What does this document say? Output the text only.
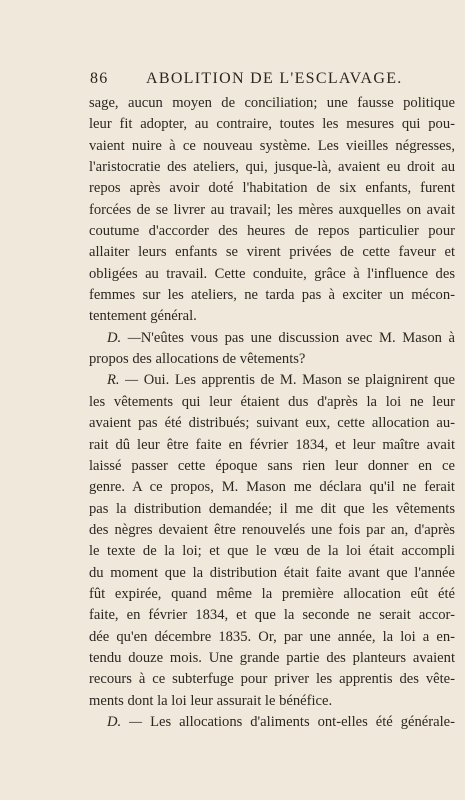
86 ABOLITION DE L'ESCLAVAGE.
sage, aucun moyen de conciliation; une fausse politique
leur fit adopter, au contraire, toutes les mesures qui pou-
vaient nuire à ce nouveau système. Les vieilles négresses,
l'aristocratie des ateliers, qui, jusque-là, avaient eu droit au
repos après avoir doté l'habitation de six enfants, furent
forcées de se livrer au travail; les mères auxquelles on avait
coutume d'accorder des heures de repos particulier pour
allaiter leurs enfants se virent privées de cette faveur et
obligées au travail. Cette conduite, grâce à l'influence des
femmes sur les ateliers, ne tarda pas à exciter un mécon-
tentement général.
D. —N'eûtes vous pas une discussion avec M. Mason à
propos des allocations de vêtements?
R. — Oui. Les apprentis de M. Mason se plaignirent que
les vêtements qui leur étaient dus d'après la loi ne leur
avaient pas été distribués; suivant eux, cette allocation au-
rait dû leur être faite en février 1834, et leur maître avait
laissé passer cette époque sans rien leur donner en ce
genre. A ce propos, M. Mason me déclara qu'il ne ferait
pas la distribution demandée; il me dit que les vêtements
des nègres devaient être renouvelés une fois par an, d'après
le texte de la loi; et que le vœu de la loi était accompli
du moment que la distribution était faite avant que l'année
fût expirée, quand même la première allocation eût été
faite, en février 1834, et que la seconde ne serait accor-
dée qu'en décembre 1835. Or, par une année, la loi a en-
tendu douze mois. Une grande partie des planteurs avaient
recours à ce subterfuge pour priver les apprentis des vête-
ments dont la loi leur assurait le bénéfice.
D. — Les allocations d'aliments ont-elles été générale-
